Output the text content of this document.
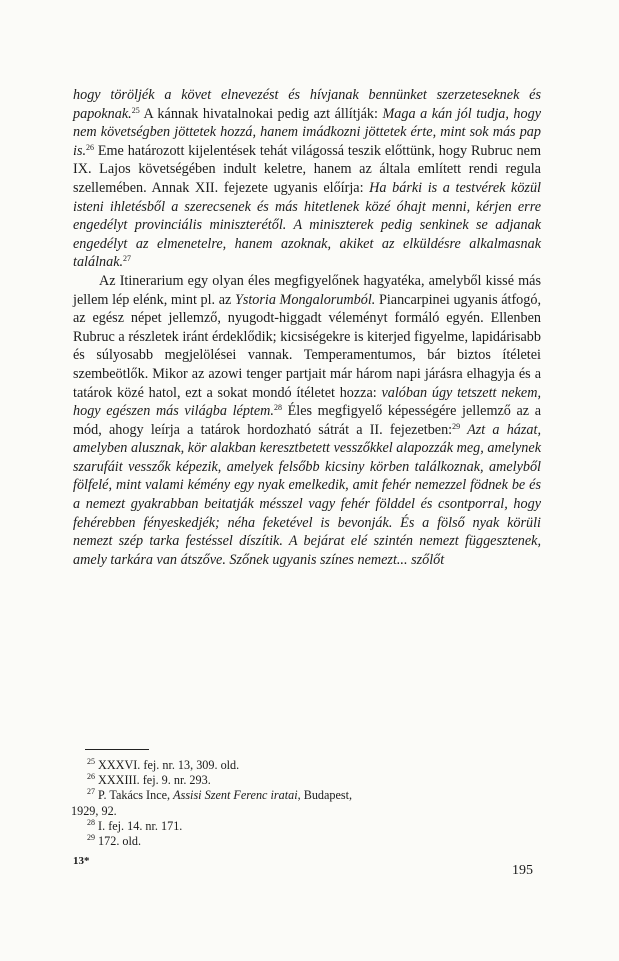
hogy töröljék a követ elnevezést és hívjanak bennünket szerzeteseknek és papoknak.$^{25}$ A kánnak hivatalnokai pedig azt állítják: Maga a kán jól tudja, hogy nem követségben jöttetek hozzá, hanem imádkozni jöttetek érte, mint sok más pap is.$^{26}$ Eme határozott kijelentések tehát világossá teszik előttünk, hogy Rubruc nem IX. Lajos követségében indult keletre, hanem az általa említett rendi regula szellemében. Annak XII. fejezete ugyanis előírja: Ha bárki is a testvérek közül isteni ihletésből a szerecsenek és más hitetlenek közé óhajt menni, kérjen erre engedélyt provinciális miniszterétől. A miniszterek pedig senkinek se adjanak engedélyt az elmenetelre, hanem azoknak, akiket az elküldésre alkalmasnak találnak.$^{27}$

Az Itinerarium egy olyan éles megfigyelőnek hagyatéka, amelyből kissé más jellem lép elénk, mint pl. az Ystoria Mongalorumból. Piancarpinei ugyanis átfogó, az egész népet jellemző, nyugodt-higgadt véleményt formáló egyén. Ellenben Rubruc a részletek iránt érdeklődik; kicsiségekre is kiterjed figyelme, lapidárisabb és súlyosabb megjelölései vannak. Temperamentumos, bár biztos ítéletei szembeötlők. Mikor az azowi tenger partjait már három napi járásra elhagyja és a tatárok közé hatol, ezt a sokat mondó ítéletet hozza: valóban úgy tetszett nekem, hogy egészen más világba léptem.$^{28}$ Éles megfigyelő képességére jellemző az a mód, ahogy leírja a tatárok hordozható sátrát a II. fejezetben:$^{29}$ Azt a házat, amelyben alusznak, kör alakban keresztbetett vesszőkkel alapozzák meg, amelynek szarufáit vesszők képezik, amelyek felsőbb kicsiny körben találkoznak, amelyből fölfelé, mint valami kémény egy nyak emelkedik, amit fehér nemezzel födnek be és a nemezt gyakrabban beitatják mésszel vagy fehér földdel és csontporral, hogy fehérebben fényeskedjék; néha feketével is bevonják. És a fölső nyak körüli nemezt szép tarka festéssel díszítik. A bejárat elé szintén nemezt függesztenek, amely tarkára van átszőve. Szőnek ugyanis színes nemezt... szőlőt

$^{25}$ XXXVI. fej. nr. 13, 309. old.

$^{26}$ XXXIII. fej. 9. nr. 293.

$^{27}$ P. Takács Ince, Assisi Szent Ferenc iratai, Budapest,

1929, 92.

$^{28}$ I. fej. 14. nr. 171.

$^{29}$ 172. old.

13*
195
